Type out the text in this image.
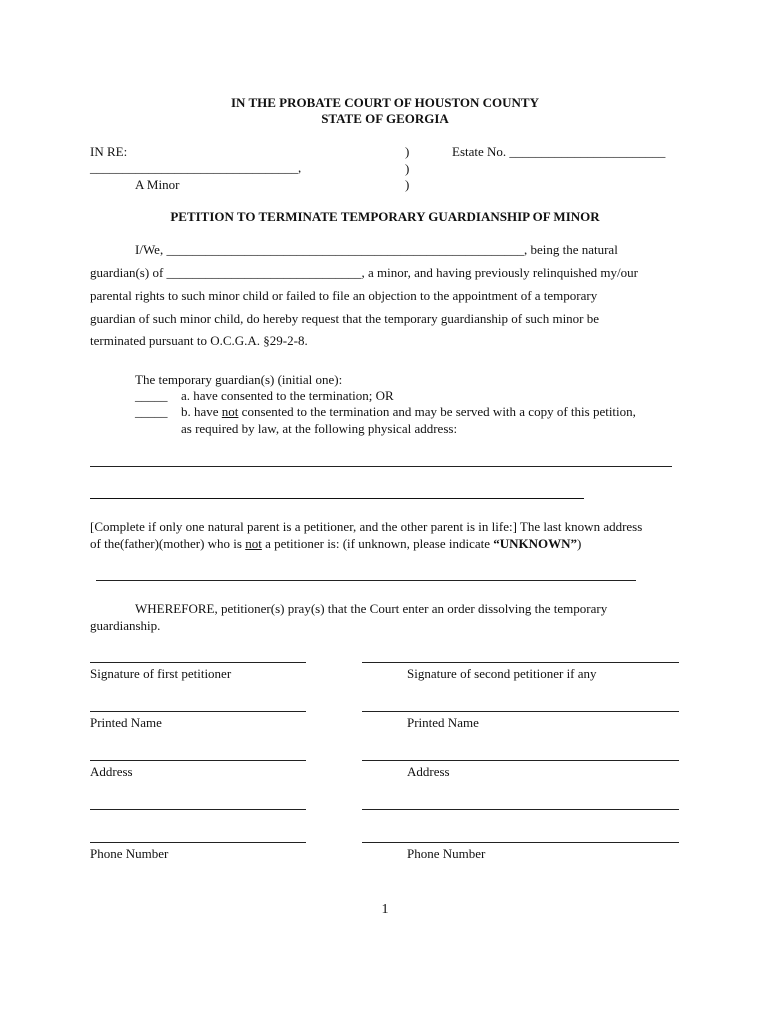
IN THE PROBATE COURT OF HOUSTON COUNTY
STATE OF GEORGIA
IN RE:
________________________________,
A Minor
)
)
)
Estate No. ________________________
PETITION TO TERMINATE TEMPORARY GUARDIANSHIP OF MINOR
I/We, _______________________________________________________, being the natural
guardian(s) of ______________________________, a minor, and having previously relinquished my/our
parental rights to such minor child or failed to file an objection to the appointment of a temporary
guardian of such minor child, do hereby request that the temporary guardianship of such minor be
terminated pursuant to O.C.G.A. §29-2-8.
The temporary guardian(s) (initial one):
_____ a. have consented to the termination; OR
_____ b. have not consented to the termination and may be served with a copy of this petition,
as required by law, at the following physical address:
[Complete if only one natural parent is a petitioner, and the other parent is in life:] The last known address
of the(father)(mother) who is not a petitioner is: (if unknown, please indicate “UNKNOWN”)
WHEREFORE, petitioner(s) pray(s) that the Court enter an order dissolving the temporary
guardianship.
Signature of first petitioner
Printed Name
Address
Phone Number
Signature of second petitioner if any
Printed Name
Address
Phone Number
1
